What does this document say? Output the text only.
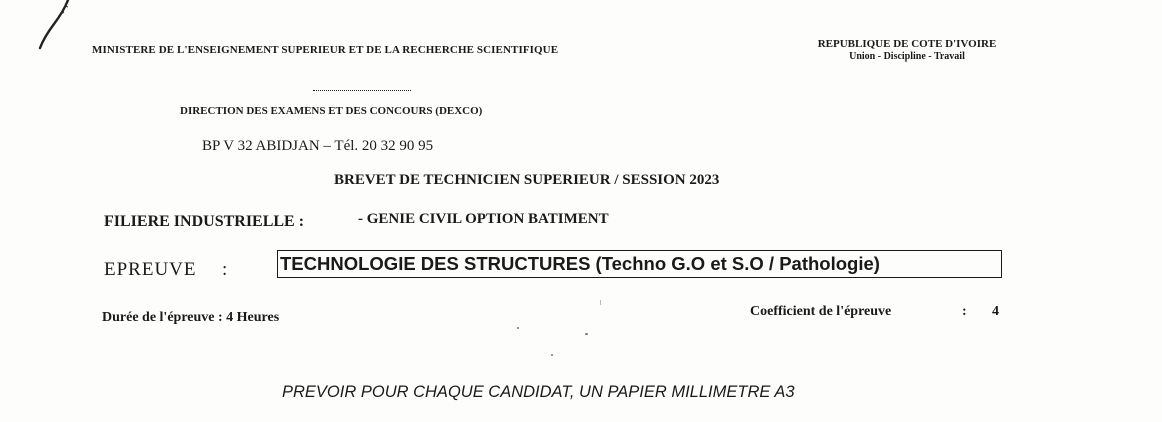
MINISTERE DE L'ENSEIGNEMENT SUPERIEUR ET DE LA RECHERCHE SCIENTIFIQUE	REPUBLIQUE DE COTE D'IVOIRE
Union - Discipline - Travail
DIRECTION DES EXAMENS ET DES CONCOURS (DEXCO)
BP V 32 ABIDJAN – Tél. 20 32 90 95
BREVET DE TECHNICIEN SUPERIEUR / SESSION 2023
FILIERE INDUSTRIELLE :	- GENIE CIVIL OPTION BATIMENT
EPREUVE :	TECHNOLOGIE DES STRUCTURES (Techno G.O et S.O / Pathologie)
Durée de l'épreuve : 4 Heures	Coefficient de l'épreuve	: 4
PREVOIR POUR CHAQUE CANDIDAT, UN PAPIER MILLIMETRE A3
